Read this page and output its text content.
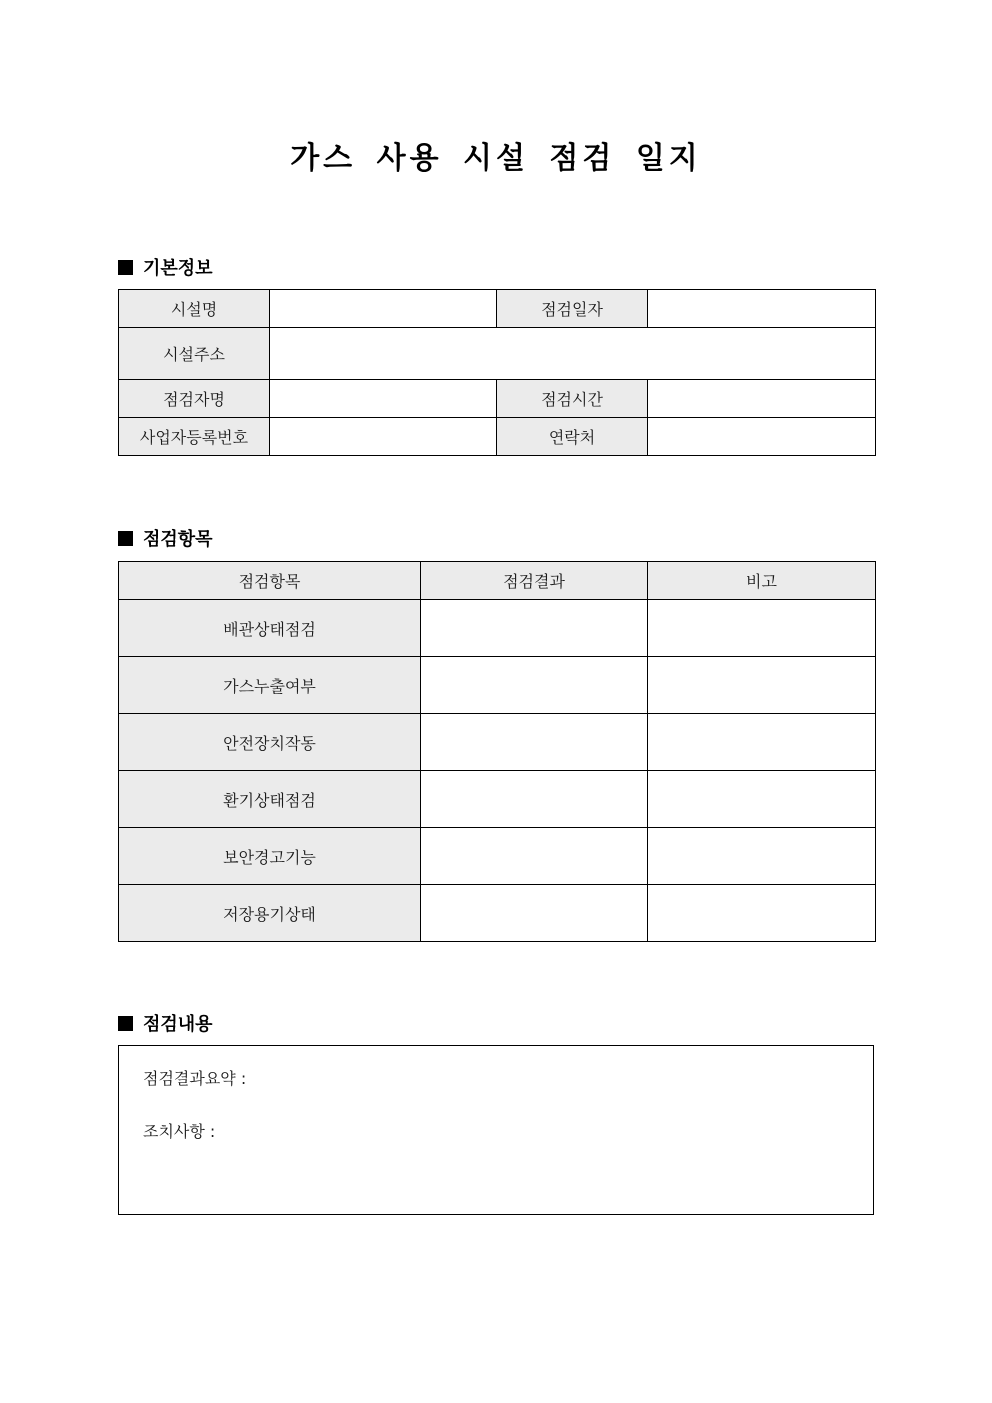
가스 사용 시설 점검 일지
기본정보
시설명		점검일자	
시설주소			
점검자명		점검시간	
사업자등록번호		연락처	
점검항목
점검항목	점검결과	비고
배관상태점검		
가스누출여부		
안전장치작동		
환기상태점검		
보안경고기능		
저장용기상태		
점검내용
점검결과요약 :
조치사항 :
